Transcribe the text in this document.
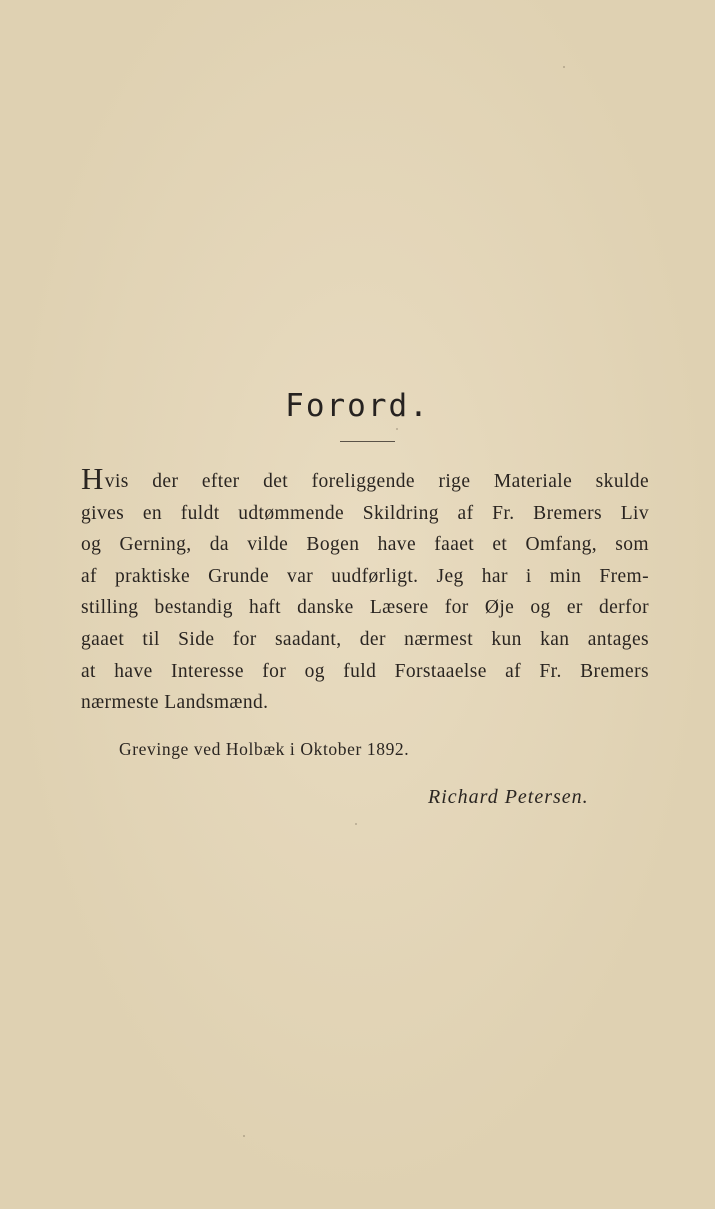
Forord.
Hvis der efter det foreliggende rige Materiale skulde
gives en fuldt udtømmende Skildring af Fr. Bremers Liv
og Gerning, da vilde Bogen have faaet et Omfang, som
af praktiske Grunde var uudførligt. Jeg har i min Frem-
stilling bestandig haft danske Læsere for Øje og er derfor
gaaet til Side for saadant, der nærmest kun kan antages
at have Interesse for og fuld Forstaaelse af Fr. Bremers
nærmeste Landsmænd.
Grevinge ved Holbæk i Oktober 1892.
Richard Petersen.
